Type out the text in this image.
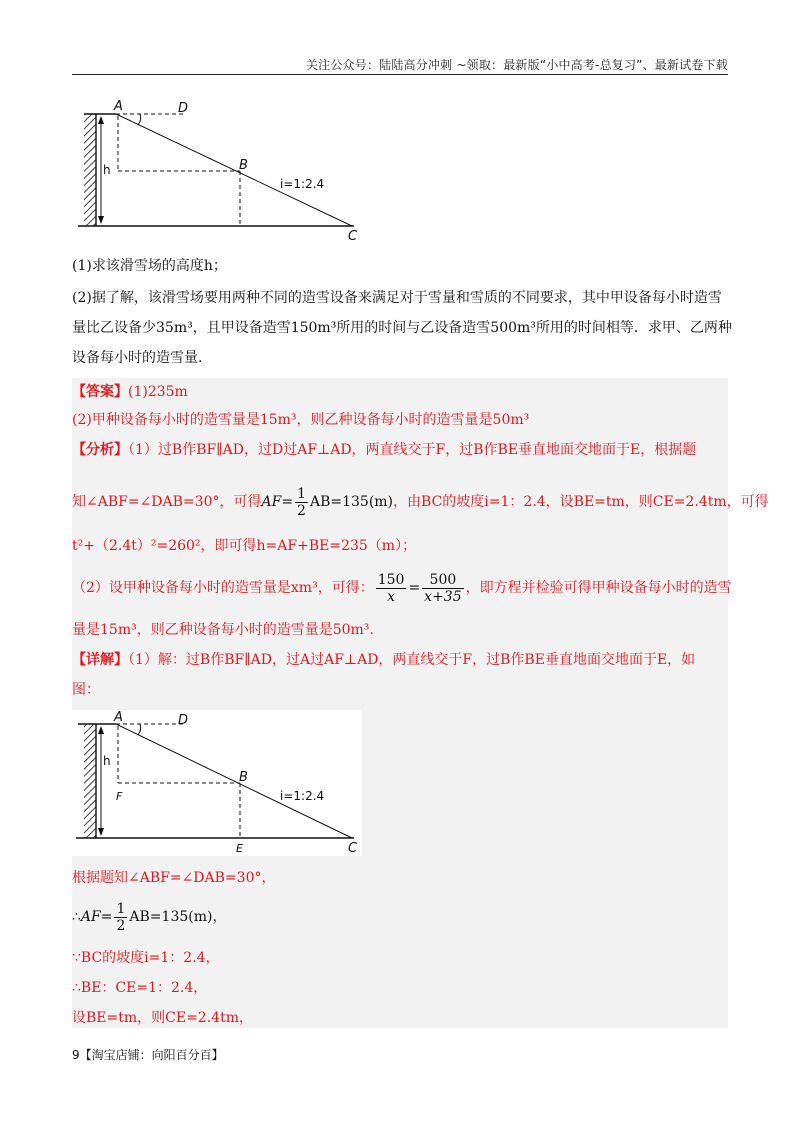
关注公众号：陆陆高分冲刺 ~领取：最新版“小中高考-总复习”、最新试卷下载
A	D
B
C
h
i=1:2.4
(1)求该滑雪场的高度h；
(2)据了解，该滑雪场要用两种不同的造雪设备来满足对于雪量和雪质的不同要求，其中甲设备每小时造雪
量比乙设备少35m³，且甲设备造雪150m³所用的时间与乙设备造雪500m³所用的时间相等．求甲、乙两种
设备每小时的造雪量.
【答案】(1)235m
(2)甲种设备每小时的造雪量是15m³，则乙种设备每小时的造雪量是50m³
【分析】（1）过B作BF∥AD，过D过AF⊥AD，两直线交于F，过B作BE垂直地面交地面于E，根据题
知∠ABF=∠DAB=30°，可得$AF= \frac{1}{2} AB=135(m)$，由BC的坡度i=1：2.4，设BE=tm，则CE=2.4tm，可得
t²+（2.4t）²=260²，即可得h=AF+BE=235（m）；
（2）设甲种设备每小时的造雪量是xm³，可得： $\frac{150}{x} = \frac{500}{x+35}$ ，即方程并检验可得甲种设备每小时的造雪
量是15m³，则乙种设备每小时的造雪量是50m³.
【详解】（1）解：过B作BF∥AD，过A过AF⊥AD，两直线交于F，过B作BE垂直地面交地面于E，如
图：
A	D
B
C
h
F
E
i=1:2.4
根据题知∠ABF=∠DAB=30°，
∴AF= $\frac{1}{2} AB=135(m)$，
∵BC的坡度i=1：2.4，
∴BE：CE=1：2.4，
设BE=tm，则CE=2.4tm，
9【淘宝店铺：向阳百分百】
